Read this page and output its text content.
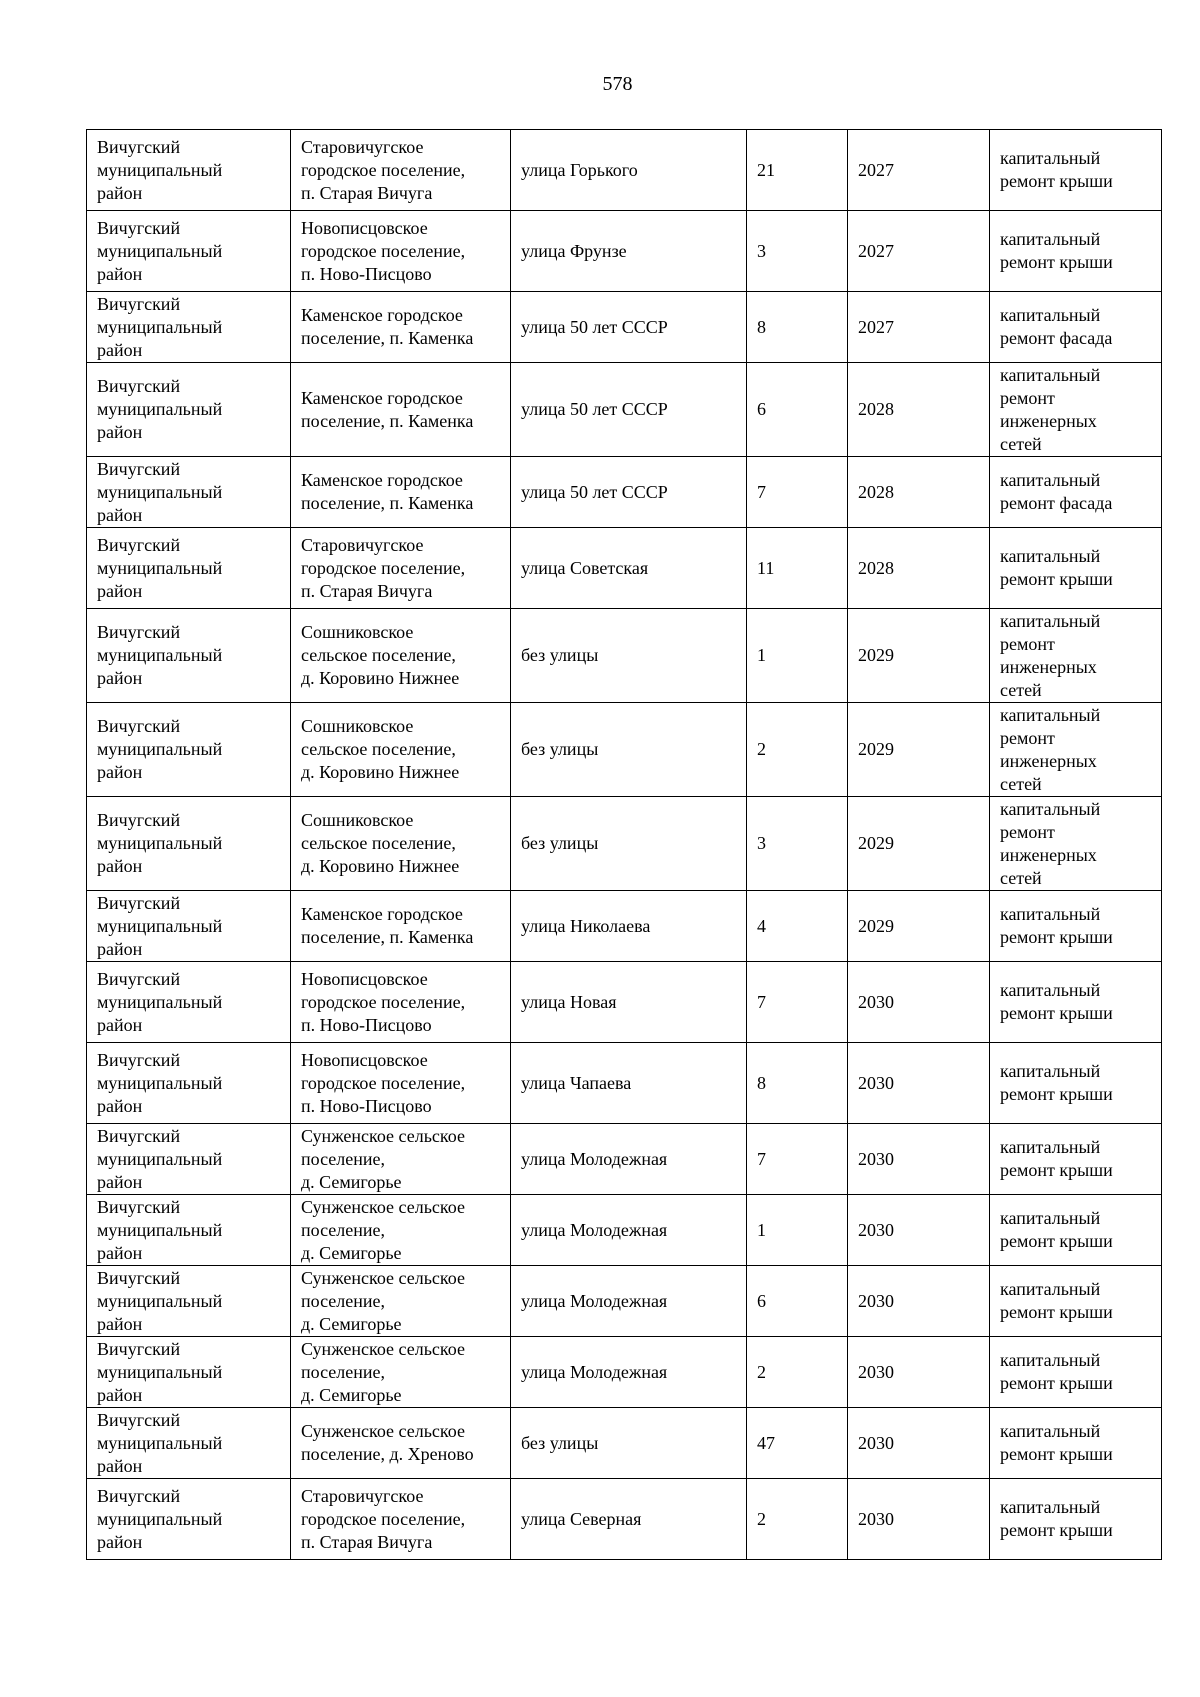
578
Вичугский
муниципальный
район	Старовичугское
городское поселение,
п. Старая Вичуга	улица Горького	21	2027	капитальный
ремонт крыши
Вичугский
муниципальный
район	Новописцовское
городское поселение,
п. Ново-Писцово	улица Фрунзе	3	2027	капитальный
ремонт крыши
Вичугский
муниципальный
район	Каменское городское
поселение, п. Каменка	улица 50 лет СССР	8	2027	капитальный
ремонт фасада
Вичугский
муниципальный
район	Каменское городское
поселение, п. Каменка	улица 50 лет СССР	6	2028	капитальный
ремонт
инженерных
сетей
Вичугский
муниципальный
район	Каменское городское
поселение, п. Каменка	улица 50 лет СССР	7	2028	капитальный
ремонт фасада
Вичугский
муниципальный
район	Старовичугское
городское поселение,
п. Старая Вичуга	улица Советская	11	2028	капитальный
ремонт крыши
Вичугский
муниципальный
район	Сошниковское
сельское поселение,
д. Коровино Нижнее	без улицы	1	2029	капитальный
ремонт
инженерных
сетей
Вичугский
муниципальный
район	Сошниковское
сельское поселение,
д. Коровино Нижнее	без улицы	2	2029	капитальный
ремонт
инженерных
сетей
Вичугский
муниципальный
район	Сошниковское
сельское поселение,
д. Коровино Нижнее	без улицы	3	2029	капитальный
ремонт
инженерных
сетей
Вичугский
муниципальный
район	Каменское городское
поселение, п. Каменка	улица Николаева	4	2029	капитальный
ремонт крыши
Вичугский
муниципальный
район	Новописцовское
городское поселение,
п. Ново-Писцово	улица Новая	7	2030	капитальный
ремонт крыши
Вичугский
муниципальный
район	Новописцовское
городское поселение,
п. Ново-Писцово	улица Чапаева	8	2030	капитальный
ремонт крыши
Вичугский
муниципальный
район	Сунженское сельское
поселение,
д. Семигорье	улица Молодежная	7	2030	капитальный
ремонт крыши
Вичугский
муниципальный
район	Сунженское сельское
поселение,
д. Семигорье	улица Молодежная	1	2030	капитальный
ремонт крыши
Вичугский
муниципальный
район	Сунженское сельское
поселение,
д. Семигорье	улица Молодежная	6	2030	капитальный
ремонт крыши
Вичугский
муниципальный
район	Сунженское сельское
поселение,
д. Семигорье	улица Молодежная	2	2030	капитальный
ремонт крыши
Вичугский
муниципальный
район	Сунженское сельское
поселение, д. Хреново	без улицы	47	2030	капитальный
ремонт крыши
Вичугский
муниципальный
район	Старовичугское
городское поселение,
п. Старая Вичуга	улица Северная	2	2030	капитальный
ремонт крыши
